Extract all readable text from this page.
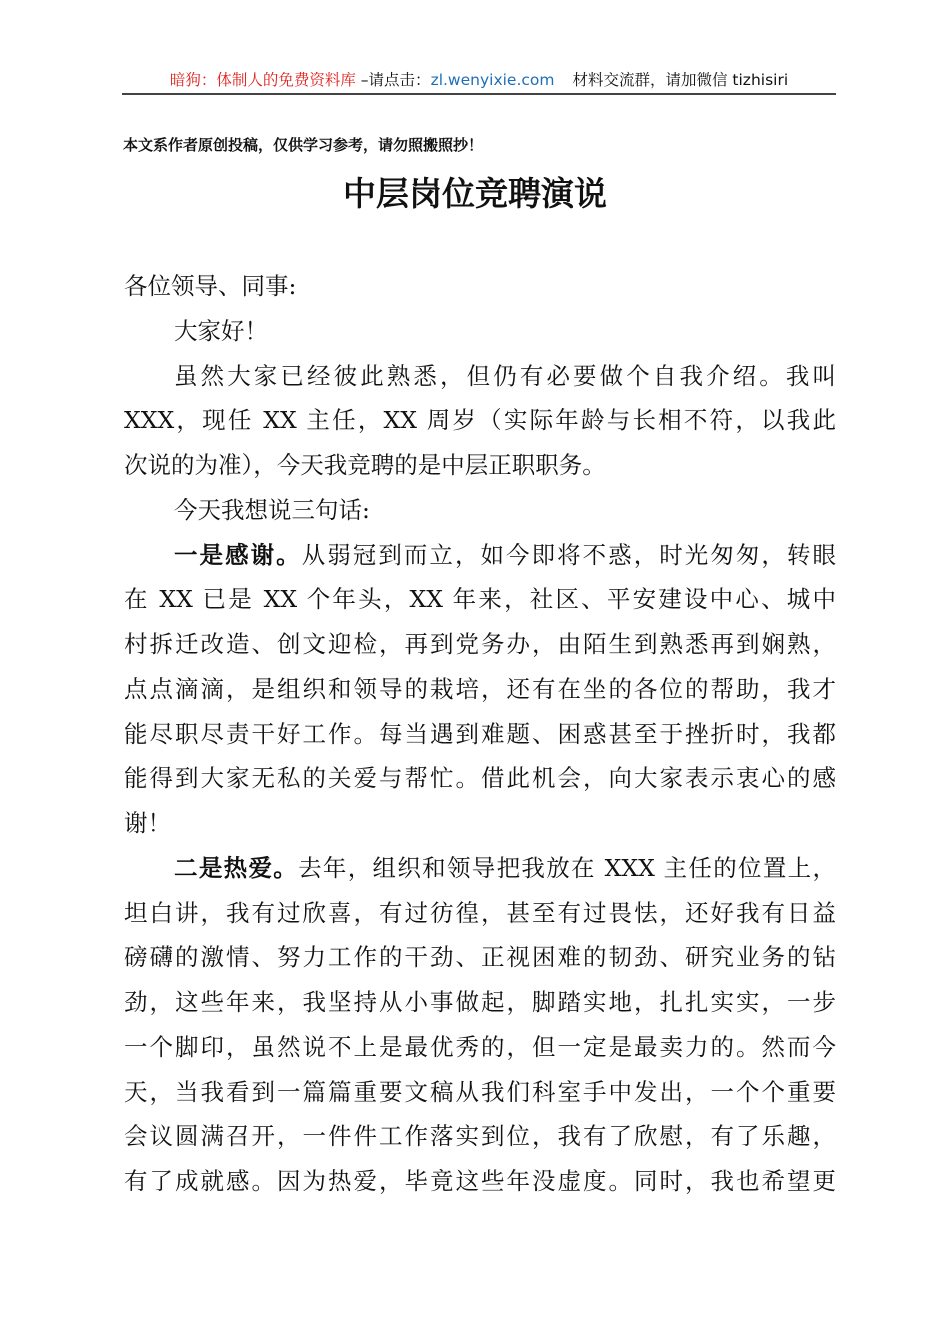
暗狗：体制人的免费资料库 –请点击：zl.wenyixie.com 材料交流群，请加微信 tizhisiri
本文系作者原创投稿，仅供学习参考，请勿照搬照抄！
中层岗位竞聘演说
各位领导、同事:
大家好！
虽然大家已经彼此熟悉，但仍有必要做个自我介绍。我叫
XXX，现任 XX 主任，XX 周岁（实际年龄与长相不符，以我此
次说的为准），今天我竞聘的是中层正职职务。
今天我想说三句话:
一是感谢。从弱冠到而立，如今即将不惑，时光匆匆，转眼
在 XX 已是 XX 个年头，XX 年来，社区、平安建设中心、城中
村拆迁改造、创文迎检，再到党务办，由陌生到熟悉再到娴熟，
点点滴滴，是组织和领导的栽培，还有在坐的各位的帮助，我才
能尽职尽责干好工作。每当遇到难题、困惑甚至于挫折时，我都
能得到大家无私的关爱与帮忙。借此机会，向大家表示衷心的感
谢！
二是热爱。去年，组织和领导把我放在 XXX 主任的位置上，
坦白讲，我有过欣喜，有过彷徨，甚至有过畏怯，还好我有日益
磅礴的激情、努力工作的干劲、正视困难的韧劲、研究业务的钻
劲，这些年来，我坚持从小事做起，脚踏实地，扎扎实实，一步
一个脚印，虽然说不上是最优秀的，但一定是最卖力的。然而今
天，当我看到一篇篇重要文稿从我们科室手中发出，一个个重要
会议圆满召开，一件件工作落实到位，我有了欣慰，有了乐趣，
有了成就感。因为热爱，毕竟这些年没虚度。同时，我也希望更
